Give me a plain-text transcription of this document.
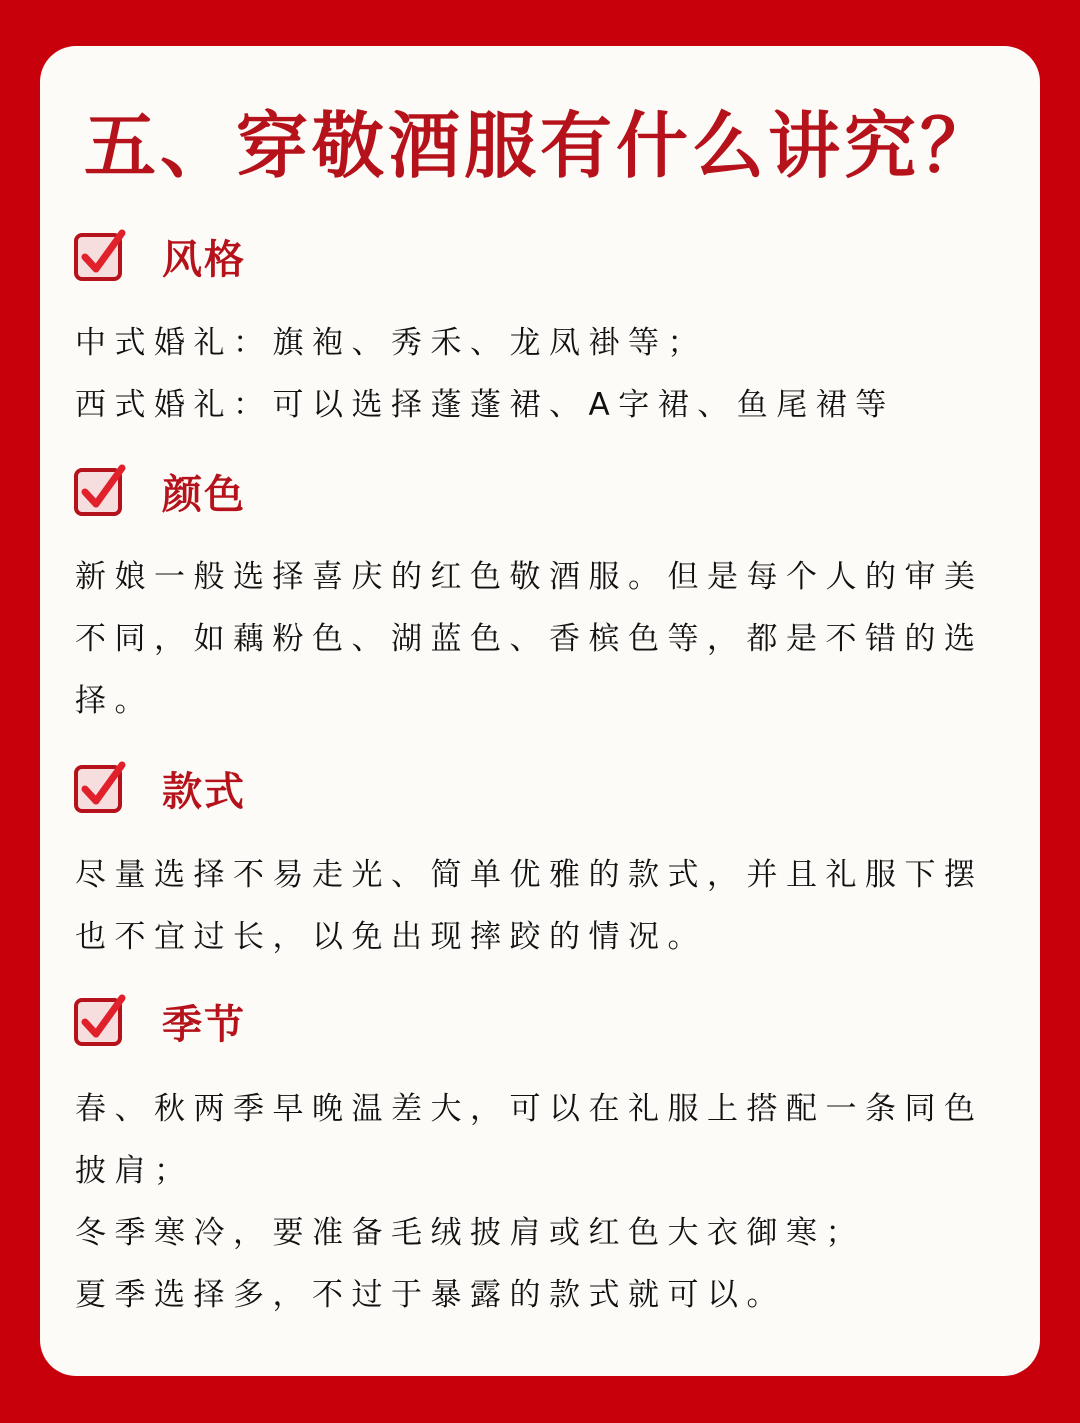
五、穿敬酒服有什么讲究？
风格
中式婚礼：旗袍、秀禾、龙凤褂等；
西式婚礼：可以选择蓬蓬裙、A字裙、鱼尾裙等
颜色
新娘一般选择喜庆的红色敬酒服。但是每个人的审美
不同，如藕粉色、湖蓝色、香槟色等，都是不错的选
择。
款式
尽量选择不易走光、简单优雅的款式，并且礼服下摆
也不宜过长，以免出现摔跤的情况。
季节
春、秋两季早晚温差大，可以在礼服上搭配一条同色
披肩；
冬季寒冷，要准备毛绒披肩或红色大衣御寒；
夏季选择多，不过于暴露的款式就可以。
